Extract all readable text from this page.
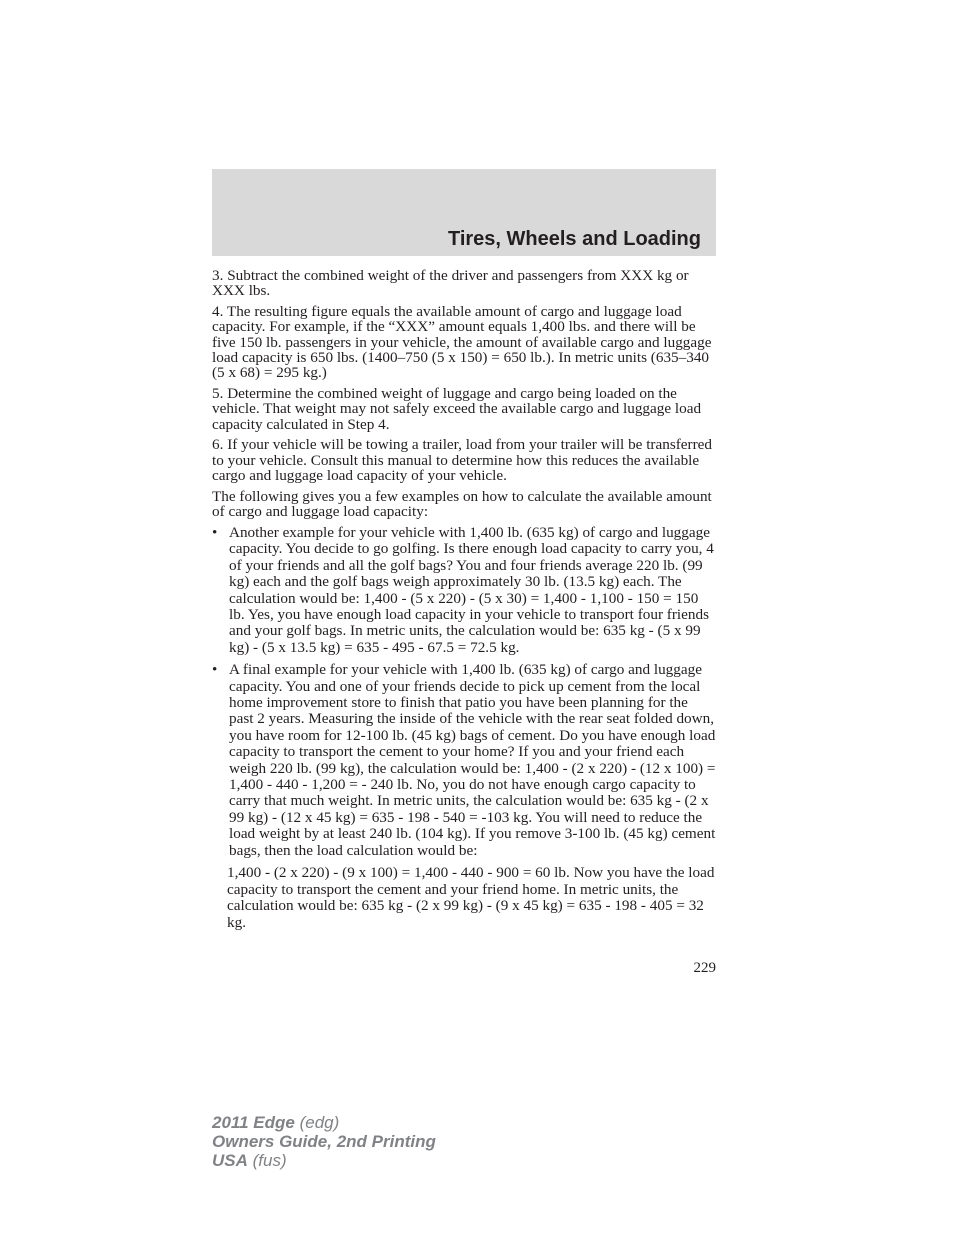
Tires, Wheels and Loading

3. Subtract the combined weight of the driver and passengers from XXX kg or XXX lbs.

4. The resulting figure equals the available amount of cargo and luggage load capacity. For example, if the “XXX” amount equals 1,400 lbs. and there will be five 150 lb. passengers in your vehicle, the amount of available cargo and luggage load capacity is 650 lbs. (1400–750 (5 x 150) = 650 lb.). In metric units (635–340 (5 x 68) = 295 kg.)

5. Determine the combined weight of luggage and cargo being loaded on the vehicle. That weight may not safely exceed the available cargo and luggage load capacity calculated in Step 4.

6. If your vehicle will be towing a trailer, load from your trailer will be transferred to your vehicle. Consult this manual to determine how this reduces the available cargo and luggage load capacity of your vehicle.

The following gives you a few examples on how to calculate the available amount of cargo and luggage load capacity:

• Another example for your vehicle with 1,400 lb. (635 kg) of cargo and luggage capacity. You decide to go golfing. Is there enough load capacity to carry you, 4 of your friends and all the golf bags? You and four friends average 220 lb. (99 kg) each and the golf bags weigh approximately 30 lb. (13.5 kg) each. The calculation would be: 1,400 - (5 x 220) - (5 x 30) = 1,400 - 1,100 - 150 = 150 lb. Yes, you have enough load capacity in your vehicle to transport four friends and your golf bags. In metric units, the calculation would be: 635 kg - (5 x 99 kg) - (5 x 13.5 kg) = 635 - 495 - 67.5 = 72.5 kg.
• A final example for your vehicle with 1,400 lb. (635 kg) of cargo and luggage capacity. You and one of your friends decide to pick up cement from the local home improvement store to finish that patio you have been planning for the past 2 years. Measuring the inside of the vehicle with the rear seat folded down, you have room for 12-100 lb. (45 kg) bags of cement. Do you have enough load capacity to transport the cement to your home? If you and your friend each weigh 220 lb. (99 kg), the calculation would be: 1,400 - (2 x 220) - (12 x 100) = 1,400 - 440 - 1,200 = - 240 lb. No, you do not have enough cargo capacity to carry that much weight. In metric units, the calculation would be: 635 kg - (2 x 99 kg) - (12 x 45 kg) = 635 - 198 - 540 = -103 kg. You will need to reduce the load weight by at least 240 lb. (104 kg). If you remove 3-100 lb. (45 kg) cement bags, then the load calculation would be:

1,400 - (2 x 220) - (9 x 100) = 1,400 - 440 - 900 = 60 lb. Now you have the load capacity to transport the cement and your friend home. In metric units, the calculation would be: 635 kg - (2 x 99 kg) - (9 x 45 kg) = 635 - 198 - 405 = 32 kg.

229
2011 Edge (edg)
Owners Guide, 2nd Printing
USA (fus)
